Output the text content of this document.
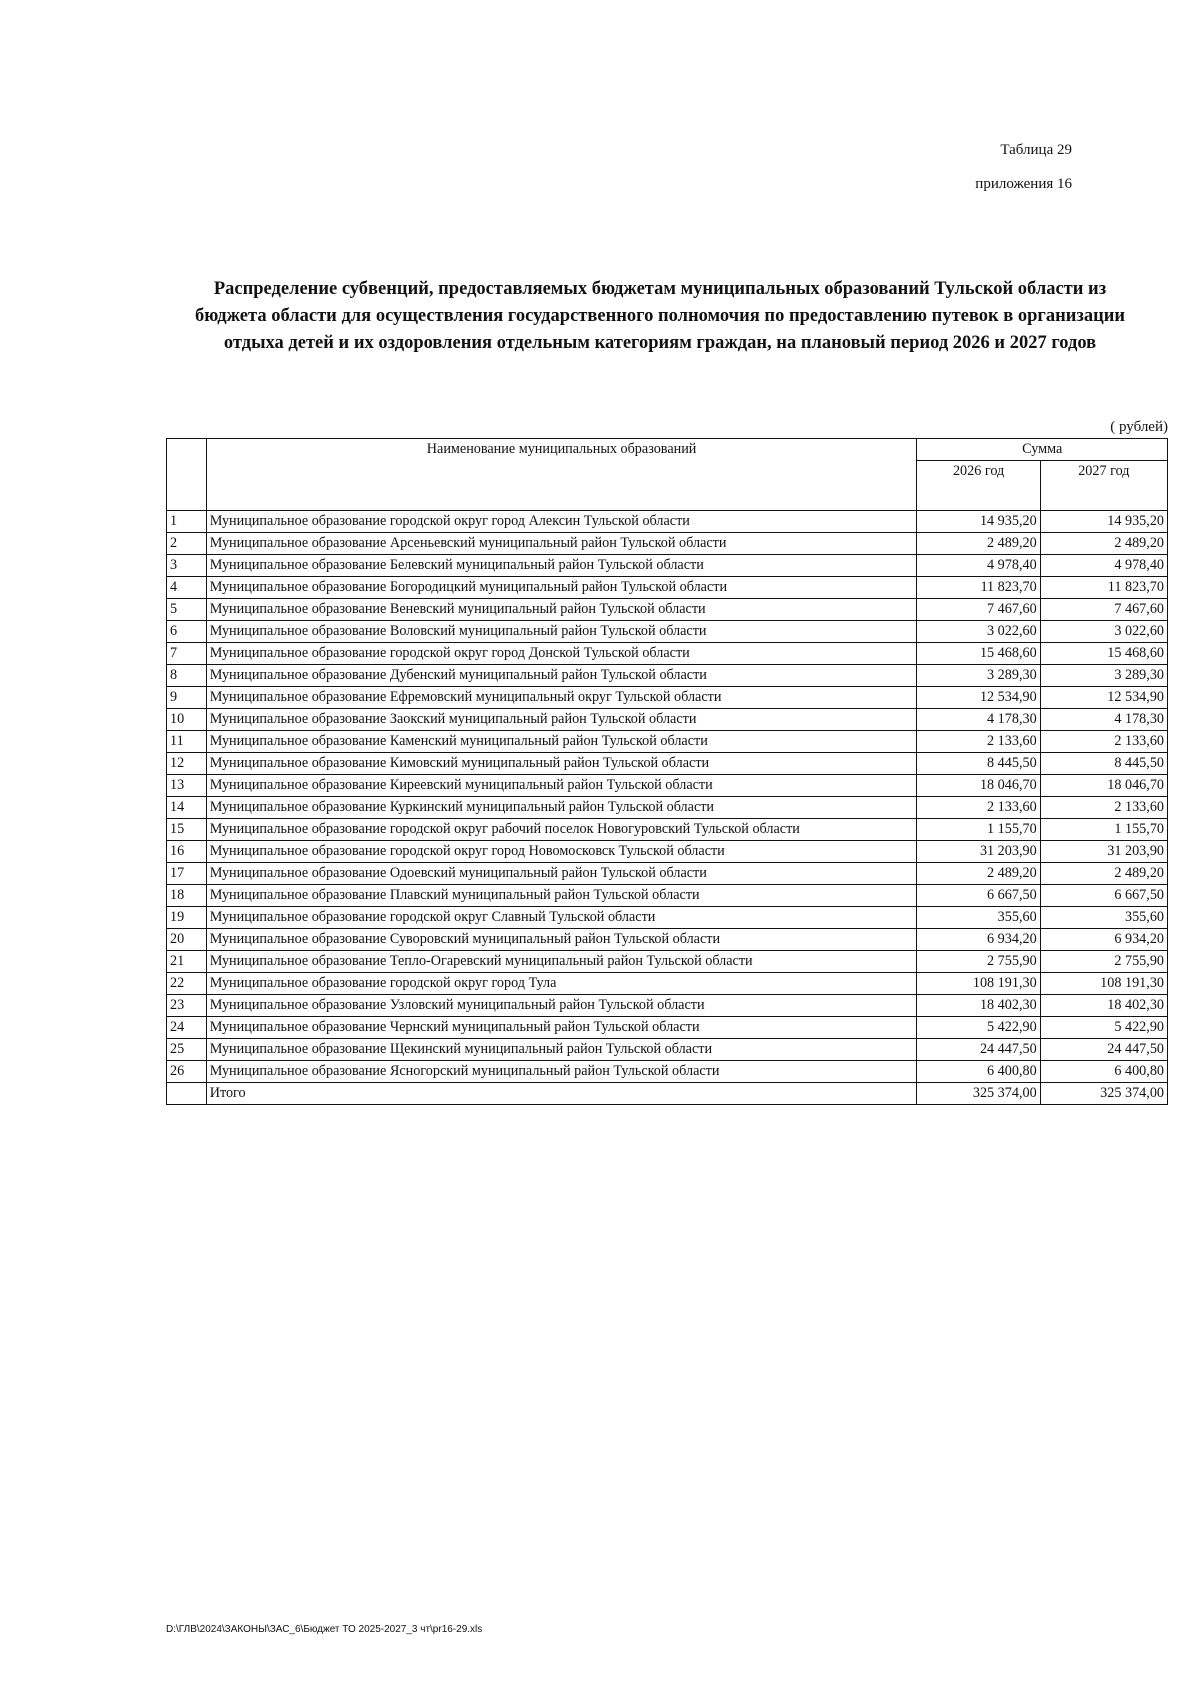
Таблица 29
приложения 16
Распределение субвенций, предоставляемых бюджетам муниципальных образований Тульской области из
бюджета области для осуществления государственного полномочия по предоставлению путевок в организации
отдыха детей и их оздоровления отдельным категориям граждан, на плановый период 2026 и 2027 годов
( рублей)
	Наименование муниципальных образований	Сумма	
		2026 год	2027 год
1	Муниципальное образование городской округ город Алексин Тульской области	14 935,20	14 935,20
2	Муниципальное образование Арсеньевский муниципальный район Тульской области	2 489,20	2 489,20
3	Муниципальное образование Белевский муниципальный район Тульской области	4 978,40	4 978,40
4	Муниципальное образование Богородицкий муниципальный район Тульской области	11 823,70	11 823,70
5	Муниципальное образование Веневский муниципальный район Тульской области	7 467,60	7 467,60
6	Муниципальное образование Воловский муниципальный район Тульской области	3 022,60	3 022,60
7	Муниципальное образование городской округ город Донской Тульской области	15 468,60	15 468,60
8	Муниципальное образование Дубенский муниципальный район Тульской области	3 289,30	3 289,30
9	Муниципальное образование Ефремовский муниципальный округ Тульской области	12 534,90	12 534,90
10	Муниципальное образование Заокский муниципальный район Тульской области	4 178,30	4 178,30
11	Муниципальное образование Каменский муниципальный район Тульской области	2 133,60	2 133,60
12	Муниципальное образование Кимовский муниципальный район Тульской области	8 445,50	8 445,50
13	Муниципальное образование Киреевский муниципальный район Тульской области	18 046,70	18 046,70
14	Муниципальное образование Куркинский муниципальный район Тульской области	2 133,60	2 133,60
15	Муниципальное образование городской округ рабочий поселок Новогуровский Тульской области	1 155,70	1 155,70
16	Муниципальное образование городской округ город Новомосковск Тульской области	31 203,90	31 203,90
17	Муниципальное образование Одоевский муниципальный район Тульской области	2 489,20	2 489,20
18	Муниципальное образование Плавский муниципальный район Тульской области	6 667,50	6 667,50
19	Муниципальное образование городской округ Славный Тульской области	355,60	355,60
20	Муниципальное образование Суворовский муниципальный район Тульской области	6 934,20	6 934,20
21	Муниципальное образование Тепло-Огаревский муниципальный район Тульской области	2 755,90	2 755,90
22	Муниципальное образование городской округ город Тула	108 191,30	108 191,30
23	Муниципальное образование Узловский муниципальный район Тульской области	18 402,30	18 402,30
24	Муниципальное образование Чернский муниципальный район Тульской области	5 422,90	5 422,90
25	Муниципальное образование Щекинский муниципальный район Тульской области	24 447,50	24 447,50
26	Муниципальное образование Ясногорский муниципальный район Тульской области	6 400,80	6 400,80
	Итого	325 374,00	325 374,00
D:\ГЛВ\2024\ЗАКОНЫ\ЗАС_6\Бюджет ТО 2025-2027_3 чт\pr16-29.xls
